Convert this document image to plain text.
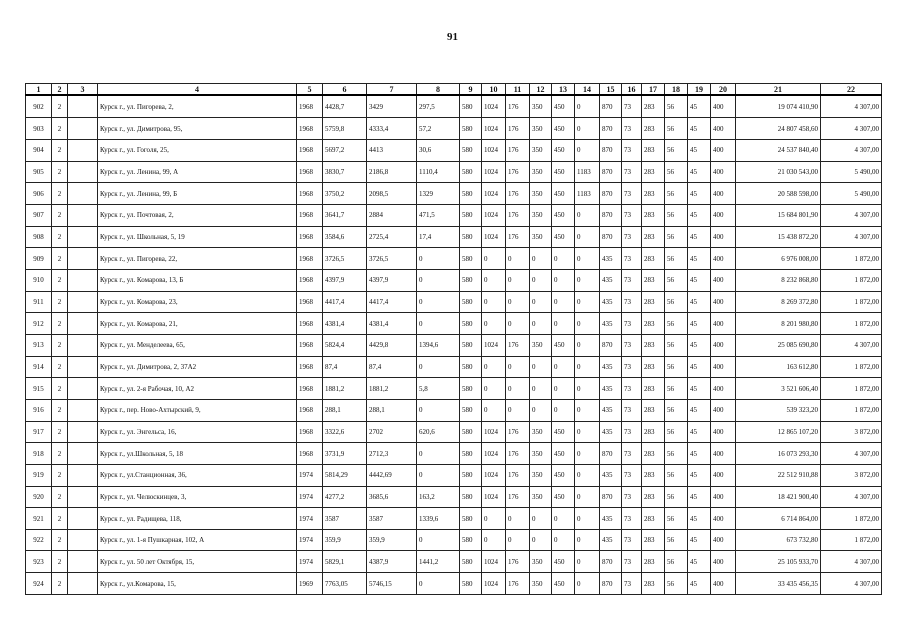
91
1	2	3	4	5	6	7	8	9	10	11	12	13	14	15	16	17	18	19	20	21	22
902	2		Курск г., ул. Пигорева, 2,	1968	4428,7	3429	297,5	580	1024	176	350	450	0	870	73	283	56	45	400	19 074 410,90	4 307,00
903	2		Курск г., ул. Димитрова, 95,	1968	5759,8	4333,4	57,2	580	1024	176	350	450	0	870	73	283	56	45	400	24 807 458,60	4 307,00
904	2		Курск г., ул. Гоголя, 25,	1968	5697,2	4413	30,6	580	1024	176	350	450	0	870	73	283	56	45	400	24 537 840,40	4 307,00
905	2		Курск г., ул. Ленина, 99, А	1968	3830,7	2186,8	1110,4	580	1024	176	350	450	1183	870	73	283	56	45	400	21 030 543,00	5 490,00
906	2		Курск г., ул. Ленина, 99, Б	1968	3750,2	2098,5	1329	580	1024	176	350	450	1183	870	73	283	56	45	400	20 588 598,00	5 490,00
907	2		Курск г., ул. Почтовая, 2,	1968	3641,7	2884	471,5	580	1024	176	350	450	0	870	73	283	56	45	400	15 684 801,90	4 307,00
908	2		Курск г., ул. Школьная, 5, 19	1968	3584,6	2725,4	17,4	580	1024	176	350	450	0	870	73	283	56	45	400	15 438 872,20	4 307,00
909	2		Курск г., ул. Пигорева, 22,	1968	3726,5	3726,5	0	580	0	0	0	0	0	435	73	283	56	45	400	6 976 008,00	1 872,00
910	2		Курск г., ул. Комарова, 13, Б	1968	4397,9	4397,9	0	580	0	0	0	0	0	435	73	283	56	45	400	8 232 868,80	1 872,00
911	2		Курск г., ул. Комарова, 23,	1968	4417,4	4417,4	0	580	0	0	0	0	0	435	73	283	56	45	400	8 269 372,80	1 872,00
912	2		Курск г., ул. Комарова, 21,	1968	4381,4	4381,4	0	580	0	0	0	0	0	435	73	283	56	45	400	8 201 980,80	1 872,00
913	2		Курск г., ул. Менделеева, 65,	1968	5824,4	4429,8	1394,6	580	1024	176	350	450	0	870	73	283	56	45	400	25 085 690,80	4 307,00
914	2		Курск г., ул. Димитрова, 2, 37А2	1968	87,4	87,4	0	580	0	0	0	0	0	435	73	283	56	45	400	163 612,80	1 872,00
915	2		Курск г., ул. 2-я Рабочая, 10, А2	1968	1881,2	1881,2	5,8	580	0	0	0	0	0	435	73	283	56	45	400	3 521 606,40	1 872,00
916	2		Курск г., пер. Ново-Ахтырский, 9,	1968	288,1	288,1	0	580	0	0	0	0	0	435	73	283	56	45	400	539 323,20	1 872,00
917	2		Курск г., ул. Энгельса, 16,	1968	3322,6	2702	620,6	580	1024	176	350	450	0	435	73	283	56	45	400	12 865 107,20	3 872,00
918	2		Курск г., ул.Школьная, 5, 18	1968	3731,9	2712,3	0	580	1024	176	350	450	0	870	73	283	56	45	400	16 073 293,30	4 307,00
919	2		Курск г., ул.Станционная, 36,	1974	5814,29	4442,69	0	580	1024	176	350	450	0	435	73	283	56	45	400	22 512 910,88	3 872,00
920	2		Курск г., ул. Челюскинцев, 3,	1974	4277,2	3685,6	163,2	580	1024	176	350	450	0	870	73	283	56	45	400	18 421 900,40	4 307,00
921	2		Курск г., ул. Радищева, 118,	1974	3587	3587	1339,6	580	0	0	0	0	0	435	73	283	56	45	400	6 714 864,00	1 872,00
922	2		Курск г., ул. 1-я Пушкарная, 102, А	1974	359,9	359,9	0	580	0	0	0	0	0	435	73	283	56	45	400	673 732,80	1 872,00
923	2		Курск г., ул. 50 лет Октября, 15,	1974	5829,1	4387,9	1441,2	580	1024	176	350	450	0	870	73	283	56	45	400	25 105 933,70	4 307,00
924	2		Курск г., ул.Комарова, 15,	1969	7763,05	5746,15	0	580	1024	176	350	450	0	870	73	283	56	45	400	33 435 456,35	4 307,00
